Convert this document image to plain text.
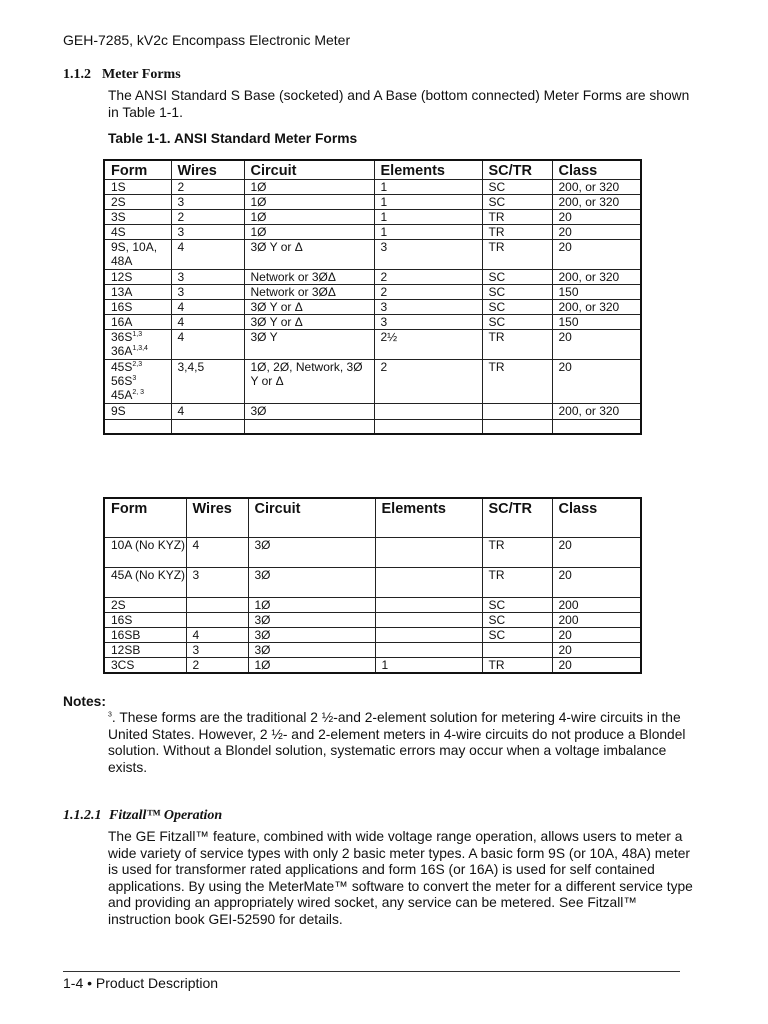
GEH-7285, kV2c Encompass Electronic Meter
1.1.2 Meter Forms
The ANSI Standard S Base (socketed) and A Base (bottom connected) Meter Forms are shown in Table 1-1.
Table 1-1. ANSI Standard Meter Forms
Form	Wires	Circuit	Elements	SC/TR	Class
1S	2	1Ø	1	SC	200, or 320
2S	3	1Ø	1	SC	200, or 320
3S	2	1Ø	1	TR	20
4S	3	1Ø	1	TR	20
9S, 10A, 48A	4	3Ø Y or Δ	3	TR	20
12S	3	Network or 3ØΔ	2	SC	200, or 320
13A	3	Network or 3ØΔ	2	SC	150
16S	4	3Ø Y or Δ	3	SC	200, or 320
16A	4	3Ø Y or Δ	3	SC	150

$36S^{1,3}$
$36A^{1,3,4}$	4	3Ø Y	2½	TR	20

$45S^{2,3}$
$56S^3$
$45A^{2, 3}$	3,4,5	1Ø, 2Ø, Network, 3Ø Y or Δ	2	TR	20
9S	4	3Ø			200, or 320

Form	Wires	Circuit	Elements	SC/TR	Class
10A (No KYZ)	4	3Ø		TR	20
45A (No KYZ)	3	3Ø		TR	20
2S		1Ø		SC	200
16S		3Ø		SC	200
16SB	4	3Ø		SC	20
12SB	3	3Ø			20
3CS	2	1Ø	1	TR	20
Notes:
$^3$. These forms are the traditional 2 ½-and 2-element solution for metering 4-wire circuits in the United States. However, 2 ½- and 2-element meters in 4-wire circuits do not produce a Blondel solution. Without a Blondel solution, systematic errors may occur when a voltage imbalance exists.
1.1.2.1 Fitzall™ Operation
The GE Fitzall™ feature, combined with wide voltage range operation, allows users to meter a wide variety of service types with only 2 basic meter types. A basic form 9S (or 10A, 48A) meter is used for transformer rated applications and form 16S (or 16A) is used for self contained applications. By using the MeterMate™ software to convert the meter for a different service type and providing an appropriately wired socket, any service can be metered. See Fitzall™ instruction book GEI-52590 for details.
1-4 • Product Description
